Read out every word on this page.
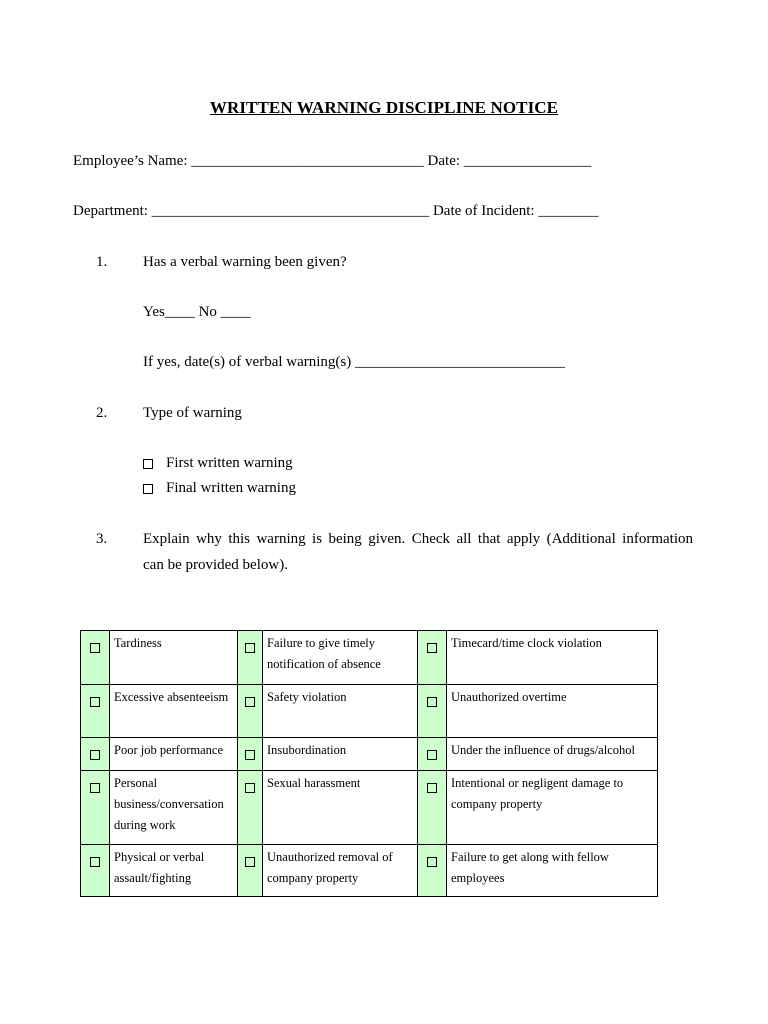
WRITTEN WARNING DISCIPLINE NOTICE
Employee’s Name: _______________________________ Date: _________________
Department: _____________________________________ Date of Incident: ________
1. Has a verbal warning been given?
Yes____ No ____
If yes, date(s) of verbal warning(s) ____________________________
2. Type of warning
First written warning
Final written warning
3. Explain why this warning is being given. Check all that apply (Additional information
can be provided below).
	Tardiness		Failure to give timely notification of absence		Timecard/time clock violation
	Excessive absenteeism		Safety violation		Unauthorized overtime
	Poor job performance		Insubordination		Under the influence of drugs/alcohol
	Personal business/conversation during work		Sexual harassment		Intentional or negligent damage to company property
	Physical or verbal assault/fighting		Unauthorized removal of company property		Failure to get along with fellow employees
